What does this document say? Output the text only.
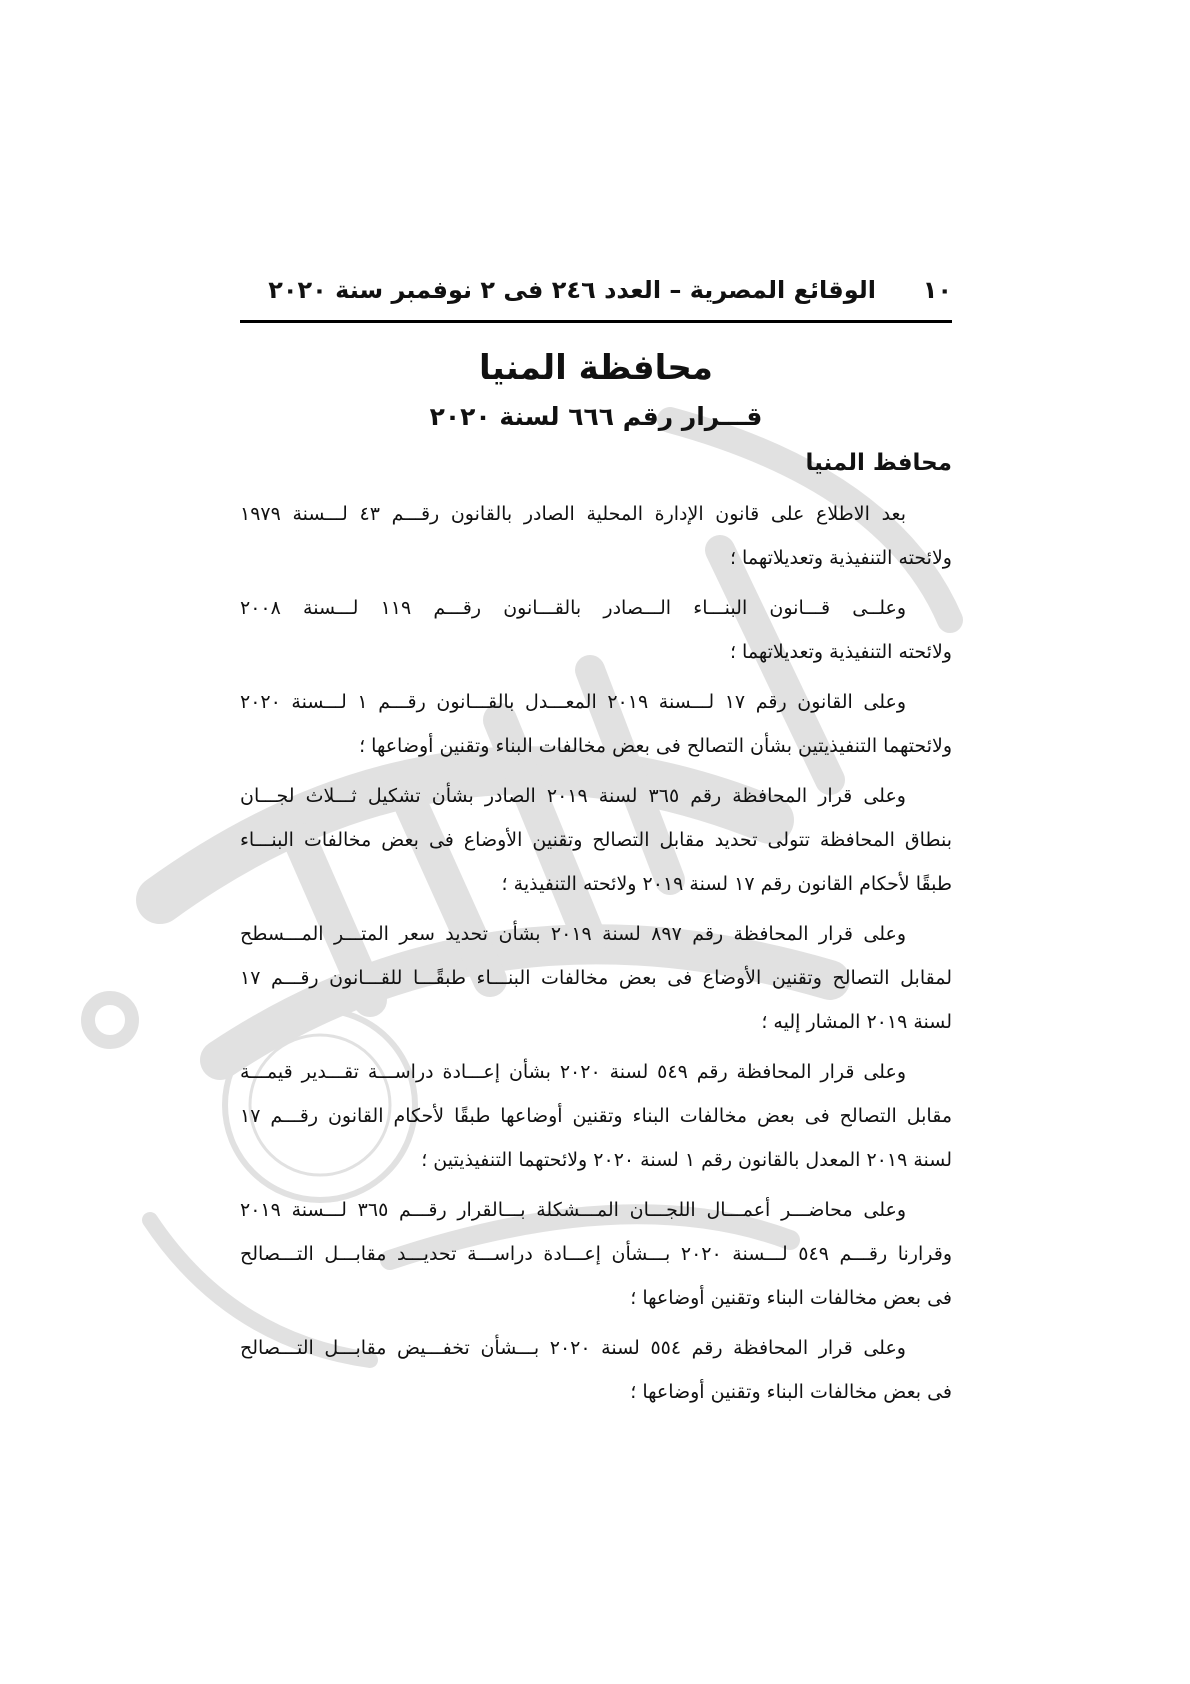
١٠
الوقائع المصرية – العدد ٢٤٦ فى ٢ نوفمبر سنة ٢٠٢٠
محافظة المنيا
قـــرار رقم ٦٦٦ لسنة ٢٠٢٠
محافظ المنيا
بعد الاطلاع على قانون الإدارة المحلية الصادر بالقانون رقـــم ٤٣ لـــسنة ١٩٧٩
ولائحته التنفيذية وتعديلاتهما ؛
وعلــى قـــانون البنـــاء الـــصادر بالقـــانون رقـــم ١١٩ لـــسنة ٢٠٠٨
ولائحته التنفيذية وتعديلاتهما ؛
وعلى القانون رقم ١٧ لـــسنة ٢٠١٩ المعـــدل بالقـــانون رقـــم ١ لـــسنة ٢٠٢٠
ولائحتهما التنفيذيتين بشأن التصالح فى بعض مخالفات البناء وتقنين أوضاعها ؛
وعلى قرار المحافظة رقم ٣٦٥ لسنة ٢٠١٩ الصادر بشأن تشكيل ثـــلاث لجـــان
بنطاق المحافظة تتولى تحديد مقابل التصالح وتقنين الأوضاع فى بعض مخالفات البنـــاء
طبقًا لأحكام القانون رقم ١٧ لسنة ٢٠١٩ ولائحته التنفيذية ؛
وعلى قرار المحافظة رقم ٨٩٧ لسنة ٢٠١٩ بشأن تحديد سعر المتـــر المـــسطح
لمقابل التصالح وتقنين الأوضاع فى بعض مخالفات البنـــاء طبقًـــا للقـــانون رقـــم ١٧
لسنة ٢٠١٩ المشار إليه ؛
وعلى قرار المحافظة رقم ٥٤٩ لسنة ٢٠٢٠ بشأن إعـــادة دراســـة تقـــدير قيمـــة
مقابل التصالح فى بعض مخالفات البناء وتقنين أوضاعها طبقًا لأحكام القانون رقـــم ١٧
لسنة ٢٠١٩ المعدل بالقانون رقم ١ لسنة ٢٠٢٠ ولائحتهما التنفيذيتين ؛
وعلى محاضـــر أعمـــال اللجـــان المـــشكلة بـــالقرار رقـــم ٣٦٥ لـــسنة ٢٠١٩
وقرارنا رقـــم ٥٤٩ لـــسنة ٢٠٢٠ بـــشأن إعـــادة دراســـة تحديـــد مقابـــل التـــصالح
فى بعض مخالفات البناء وتقنين أوضاعها ؛
وعلى قرار المحافظة رقم ٥٥٤ لسنة ٢٠٢٠ بـــشأن تخفـــيض مقابـــل التـــصالح
فى بعض مخالفات البناء وتقنين أوضاعها ؛
